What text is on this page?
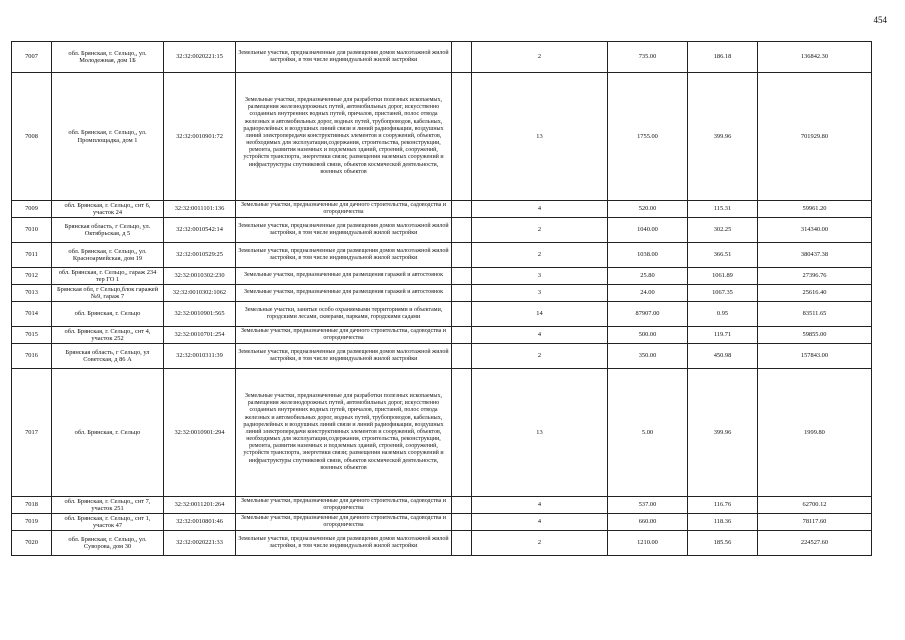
454
7007	обл. Брянская, г. Сельцо,, ул. Молодежная, дом 1Б	32:32:0020221:15	Земельные участки, предназначенные для размещения домов малоэтажной жилой застройки, в том числе индивидуальной жилой застройки		2	735.00	186.18	136842.30
7008	обл. Брянская, г. Сельцо,, ул. Промплощадка, дом 1	32:32:0010901:72	Земельные участки, предназначенные для разработки полезных ископаемых, размещения железнодорожных путей, автомобильных дорог, искусственно созданных внутренних водных путей, причалов, пристаней, полос отвода железных и автомобильных дорог, водных путей, трубопроводов, кабельных, радиорелейных и воздушных линий связи и линий радиофикации, воздушных линий электропередачи конструктивных элементов и сооружений, объектов, необходимых для эксплуатации,содержания, строительства, реконструкции, ремонта, развития наземных и подземных зданий, строений, сооружений, устройств транспорта, энергетики связи; размещения наземных сооружений и инфраструктуры спутниковой связи, объектов космической деятельности, военных объектов		13	1755.00	399.96	701929.80
7009	обл. Брянская, г. Сельцо,, снт 6, участок 24	32:32:0011101:136	Земельные участки, предназначенные для дачного строительства, садоводства и огородничества		4	520.00	115.31	59961.20
7010	Брянская область, г Сельцо, ул. Октябрьская, д 5	32:32:0010542:14	Земельные участки, предназначенные для размещения домов малоэтажной жилой застройки, в том числе индивидуальной жилой застройки		2	1040.00	302.25	314340.00
7011	обл. Брянская, г. Сельцо,, ул. Красноармейская, дом 19	32:32:0010529:25	Земельные участки, предназначенные для размещения домов малоэтажной жилой застройки, в том числе индивидуальной жилой застройки		2	1038.00	366.51	380437.38
7012	обл. Брянская, г. Сельцо,, гараж 234 тер ГО 1	32:32:0010302:230	Земельные участки, предназначенные для размещения гаражей и автостоянок		3	25.80	1061.89	27396.76
7013	Брянская обл, г Сельцо,блок гаражей №9, гараж 7	32:32:0010302:1062	Земельные участки, предназначенные для размещения гаражей и автостоянок		3	24.00	1067.35	25616.40
7014	обл. Брянская, г. Сельцо	32:32:0010901:565	Земельные участки, занятые особо охраняемыми территориями и объектами, городскими лесами, скверами, парками, городскими садами		14	87907.00	0.95	83511.65
7015	обл. Брянская, г. Сельцо,, снт 4, участок 252	32:32:0010701:254	Земельные участки, предназначенные для дачного строительства, садоводства и огородничества		4	500.00	119.71	59855.00
7016	Брянская область, г Сельцо, ул Советская, д 86 А	32:32:0010311:39	Земельные участки, предназначенные для размещения домов малоэтажной жилой застройки, в том числе индивидуальной жилой застройки		2	350.00	450.98	157843.00
7017	обл. Брянская, г. Сельцо	32:32:0010901:294	Земельные участки, предназначенные для разработки полезных ископаемых, размещения железнодорожных путей, автомобильных дорог, искусственно созданных внутренних водных путей, причалов, пристаней, полос отвода железных и автомобильных дорог, водных путей, трубопроводов, кабельных, радиорелейных и воздушных линий связи и линий радиофикации, воздушных линий электропередачи конструктивных элементов и сооружений, объектов, необходимых для эксплуатации,содержания, строительства, реконструкции, ремонта, развития наземных и подземных зданий, строений, сооружений, устройств транспорта, энергетики связи; размещения наземных сооружений и инфраструктуры спутниковой связи, объектов космической деятельности, военных объектов		13	5.00	399.96	1999.80
7018	обл. Брянская, г. Сельцо,, снт 7, участок 251	32:32:0011201:264	Земельные участки, предназначенные для дачного строительства, садоводства и огородничества		4	537.00	116.76	62700.12
7019	обл. Брянская, г. Сельцо,, снт 1, участок 47	32:32:0010801:46	Земельные участки, предназначенные для дачного строительства, садоводства и огородничества		4	660.00	118.36	78117.60
7020	обл. Брянская, г. Сельцо,, ул. Суворова, дом 30	32:32:0020221:33	Земельные участки, предназначенные для размещения домов малоэтажной жилой застройки, в том числе индивидуальной жилой застройки		2	1210.00	185.56	224527.60
